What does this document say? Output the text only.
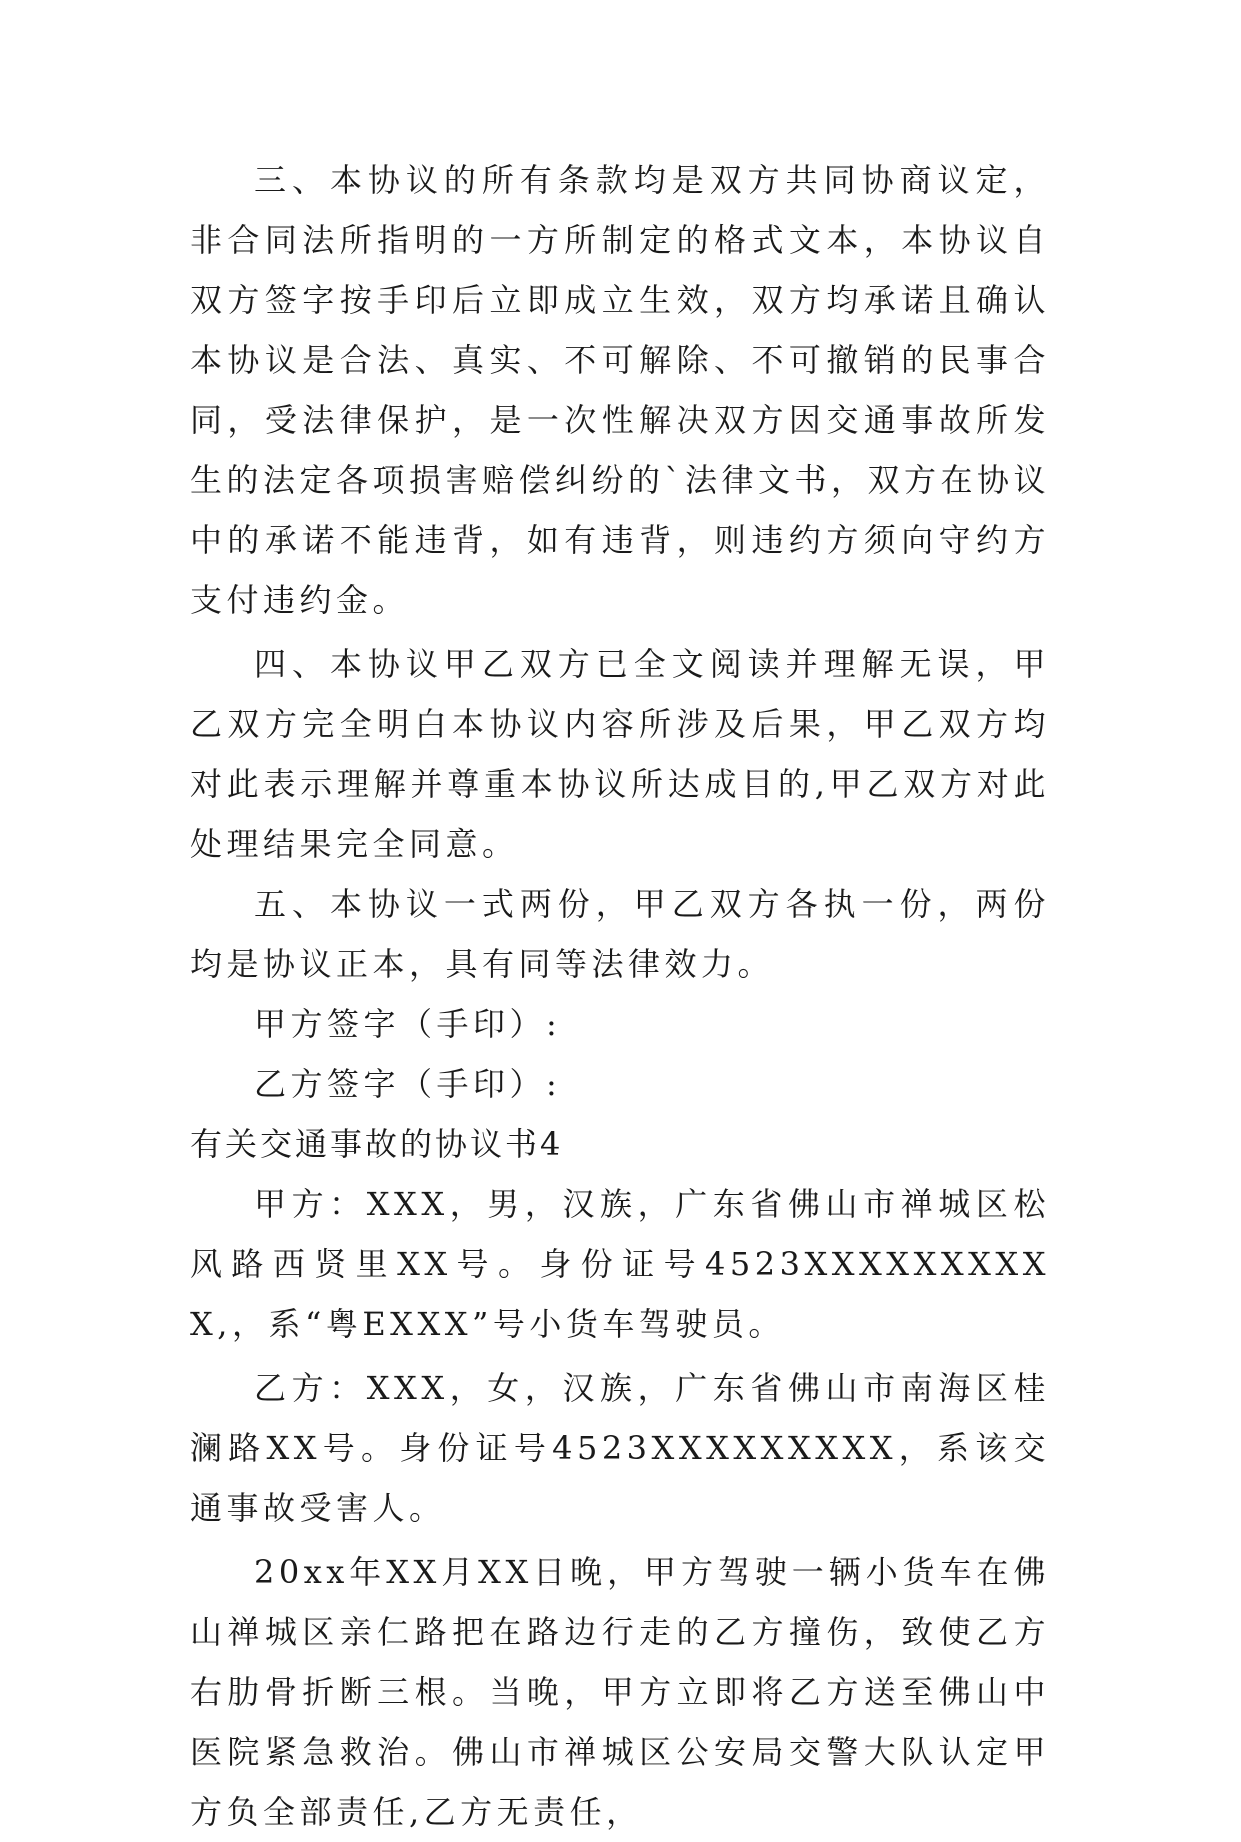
三、本协议的所有条款均是双方共同协商议定，非合同法所指明的一方所制定的格式文本，本协议自双方签字按手印后立即成立生效，双方均承诺且确认本协议是合法、真实、不可解除、不可撤销的民事合同，受法律保护，是一次性解决双方因交通事故所发生的法定各项损害赔偿纠纷的`法律文书，双方在协议中的承诺不能违背，如有违背，则违约方须向守约方支付违约金。

四、本协议甲乙双方已全文阅读并理解无误，甲乙双方完全明白本协议内容所涉及后果，甲乙双方均对此表示理解并尊重本协议所达成目的,甲乙双方对此处理结果完全同意。

五、本协议一式两份，甲乙双方各执一份，两份均是协议正本，具有同等法律效力。

甲方签字（手印）:

乙方签字（手印）:

有关交通事故的协议书4

甲方：XXX，男，汉族，广东省佛山市禅城区松风路西贤里XX号。身份证号4523XXXXXXXXXX,，系“粤EXXX”号小货车驾驶员。

乙方：XXX，女，汉族，广东省佛山市南海区桂澜路XX号。身份证号4523XXXXXXXXX，系该交通事故受害人。

20xx年XX月XX日晚，甲方驾驶一辆小货车在佛山禅城区亲仁路把在路边行走的乙方撞伤，致使乙方右肋骨折断三根。当晚，甲方立即将乙方送至佛山中医院紧急救治。佛山市禅城区公安局交警大队认定甲方负全部责任,乙方无责任，
